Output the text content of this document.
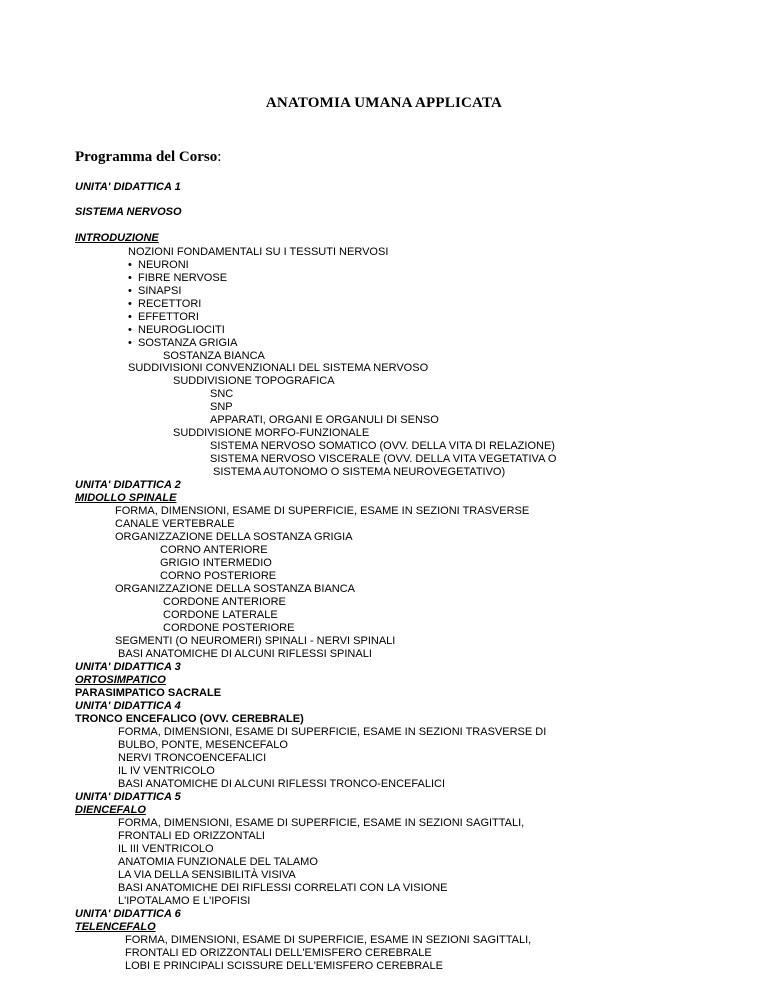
ANATOMIA UMANA APPLICATA
Programma del Corso:
UNITA' DIDATTICA 1
SISTEMA NERVOSO
INTRODUZIONE
NOZIONI FONDAMENTALI SU I TESSUTI NERVOSI
• NEURONI
• FIBRE NERVOSE
• SINAPSI
• RECETTORI
• EFFETTORI
• NEUROGLIOCITI
• SOSTANZA GRIGIA
SOSTANZA BIANCA
SUDDIVISIONI CONVENZIONALI DEL SISTEMA NERVOSO
SUDDIVISIONE TOPOGRAFICA
SNC
SNP
APPARATI, ORGANI E ORGANULI DI SENSO
SUDDIVISIONE MORFO-FUNZIONALE
SISTEMA NERVOSO SOMATICO (OVV. DELLA VITA DI RELAZIONE)
SISTEMA NERVOSO VISCERALE (OVV. DELLA VITA VEGETATIVA O
SISTEMA AUTONOMO O SISTEMA NEUROVEGETATIVO)
UNITA' DIDATTICA 2
MIDOLLO SPINALE
FORMA, DIMENSIONI, ESAME DI SUPERFICIE, ESAME IN SEZIONI TRASVERSE
CANALE VERTEBRALE
ORGANIZZAZIONE DELLA SOSTANZA GRIGIA
CORNO ANTERIORE
GRIGIO INTERMEDIO
CORNO POSTERIORE
ORGANIZZAZIONE DELLA SOSTANZA BIANCA
CORDONE ANTERIORE
CORDONE LATERALE
CORDONE POSTERIORE
SEGMENTI (O NEUROMERI) SPINALI - NERVI SPINALI
BASI ANATOMICHE DI ALCUNI RIFLESSI SPINALI
UNITA' DIDATTICA 3
ORTOSIMPATICO
PARASIMPATICO SACRALE
UNITA' DIDATTICA 4
TRONCO ENCEFALICO (OVV. CEREBRALE)
FORMA, DIMENSIONI, ESAME DI SUPERFICIE, ESAME IN SEZIONI TRASVERSE DI
BULBO, PONTE, MESENCEFALO
NERVI TRONCOENCEFALICI
IL IV VENTRICOLO
BASI ANATOMICHE DI ALCUNI RIFLESSI TRONCO-ENCEFALICI
UNITA' DIDATTICA 5
DIENCEFALO
FORMA, DIMENSIONI, ESAME DI SUPERFICIE, ESAME IN SEZIONI SAGITTALI,
FRONTALI ED ORIZZONTALI
IL III VENTRICOLO
ANATOMIA FUNZIONALE DEL TALAMO
LA VIA DELLA SENSIBILITÀ VISIVA
BASI ANATOMICHE DEI RIFLESSI CORRELATI CON LA VISIONE
L'IPOTALAMO E L'IPOFISI
UNITA' DIDATTICA 6
TELENCEFALO
FORMA, DIMENSIONI, ESAME DI SUPERFICIE, ESAME IN SEZIONI SAGITTALI,
FRONTALI ED ORIZZONTALI DELL'EMISFERO CEREBRALE
LOBI E PRINCIPALI SCISSURE DELL'EMISFERO CEREBRALE
